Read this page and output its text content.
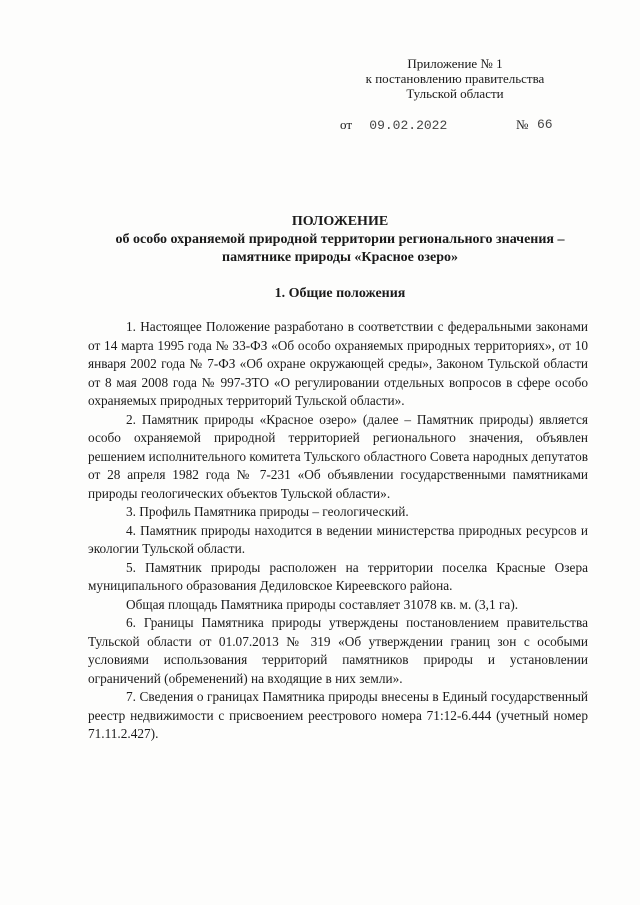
Приложение № 1
к постановлению правительства
Тульской области
от 09.02.2022	№ 66
ПОЛОЖЕНИЕ
об особо охраняемой природной территории регионального значения –
памятнике природы «Красное озеро»
1. Общие положения

1. Настоящее Положение разработано в соответствии с федеральными законами от 14 марта 1995 года № 33-ФЗ «Об особо охраняемых природных территориях», от 10 января 2002 года № 7-ФЗ «Об охране окружающей среды», Законом Тульской области от 8 мая 2008 года № 997-ЗТО «О регулировании отдельных вопросов в сфере особо охраняемых природных территорий Тульской области».

2. Памятник природы «Красное озеро» (далее – Памятник природы) является особо охраняемой природной территорией регионального значения, объявлен решением исполнительного комитета Тульского областного Совета народных депутатов от 28 апреля 1982 года № 7-231 «Об объявлении государственными памятниками природы геологических объектов Тульской области».

3. Профиль Памятника природы – геологический.

4. Памятник природы находится в ведении министерства природных ресурсов и экологии Тульской области.

5. Памятник природы расположен на территории поселка Красные Озера муниципального образования Дедиловское Киреевского района.

Общая площадь Памятника природы составляет 31078 кв. м. (3,1 га).

6. Границы Памятника природы утверждены постановлением правительства Тульской области от 01.07.2013 № 319 «Об утверждении границ зон с особыми условиями использования территорий памятников природы и установлении ограничений (обременений) на входящие в них земли».

7. Сведения о границах Памятника природы внесены в Единый государственный реестр недвижимости с присвоением реестрового номера 71:12-6.444 (учетный номер 71.11.2.427).
